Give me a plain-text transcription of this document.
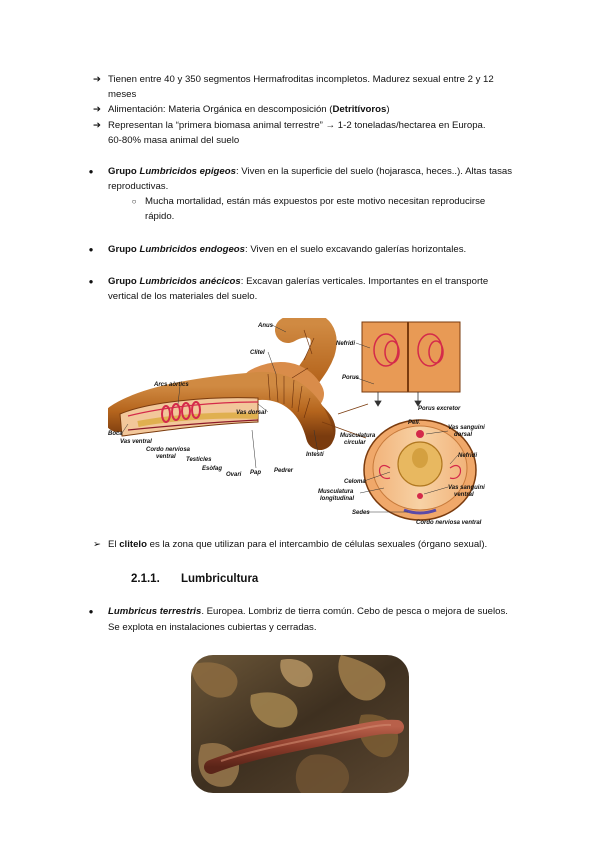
➔ Tienen entre 40 y 350 segmentos Hermafroditas incompletos. Madurez sexual entre 2 y 12
meses
➔ Alimentación: Materia Orgánica en descomposición (Detritívoros)
➔ Representan la “primera biomasa animal terrestre” → 1-2 toneladas/hectarea en Europa.
60-80% masa animal del suelo
●	Grupo Lumbricidos epigeos: Viven en la superficie del suelo (hojarasca, heces..). Altas tasas
reproductivas.
○ Mucha mortalidad, están más expuestos por este motivo necesitan reproducirse
rápido.
●	Grupo Lumbricidos endogeos: Viven en el suelo excavando galerías horizontales.
●	Grupo Lumbricidos anécicos: Excavan galerías verticales. Importantes en el transporte
vertical de los materiales del suelo.
Anus
Clitel
Arcs aòrtics
Vas dorsal
Boca
Vas ventral
Cordo nerviosa
ventral Testicles
Esòfag
Ovari Pap Pedrer
Intestí
Nefridi
Porus
Porus excretor
Pell
Musculatura
circular
Vas sanguini
dorsal
Nefridi
Celoma
Musculatura
longitudinal
Vas sanguini
ventral
Sedes
Cordo nerviosa ventral
➢ El clitelo es la zona que utilizan para el intercambio de células sexuales (órgano sexual).
2.1.1. Lumbricultura
●	Lumbricus terrestris. Europea. Lombriz de tierra común. Cebo de pesca o mejora de suelos.
Se explota en instalaciones cubiertas y cerradas.
